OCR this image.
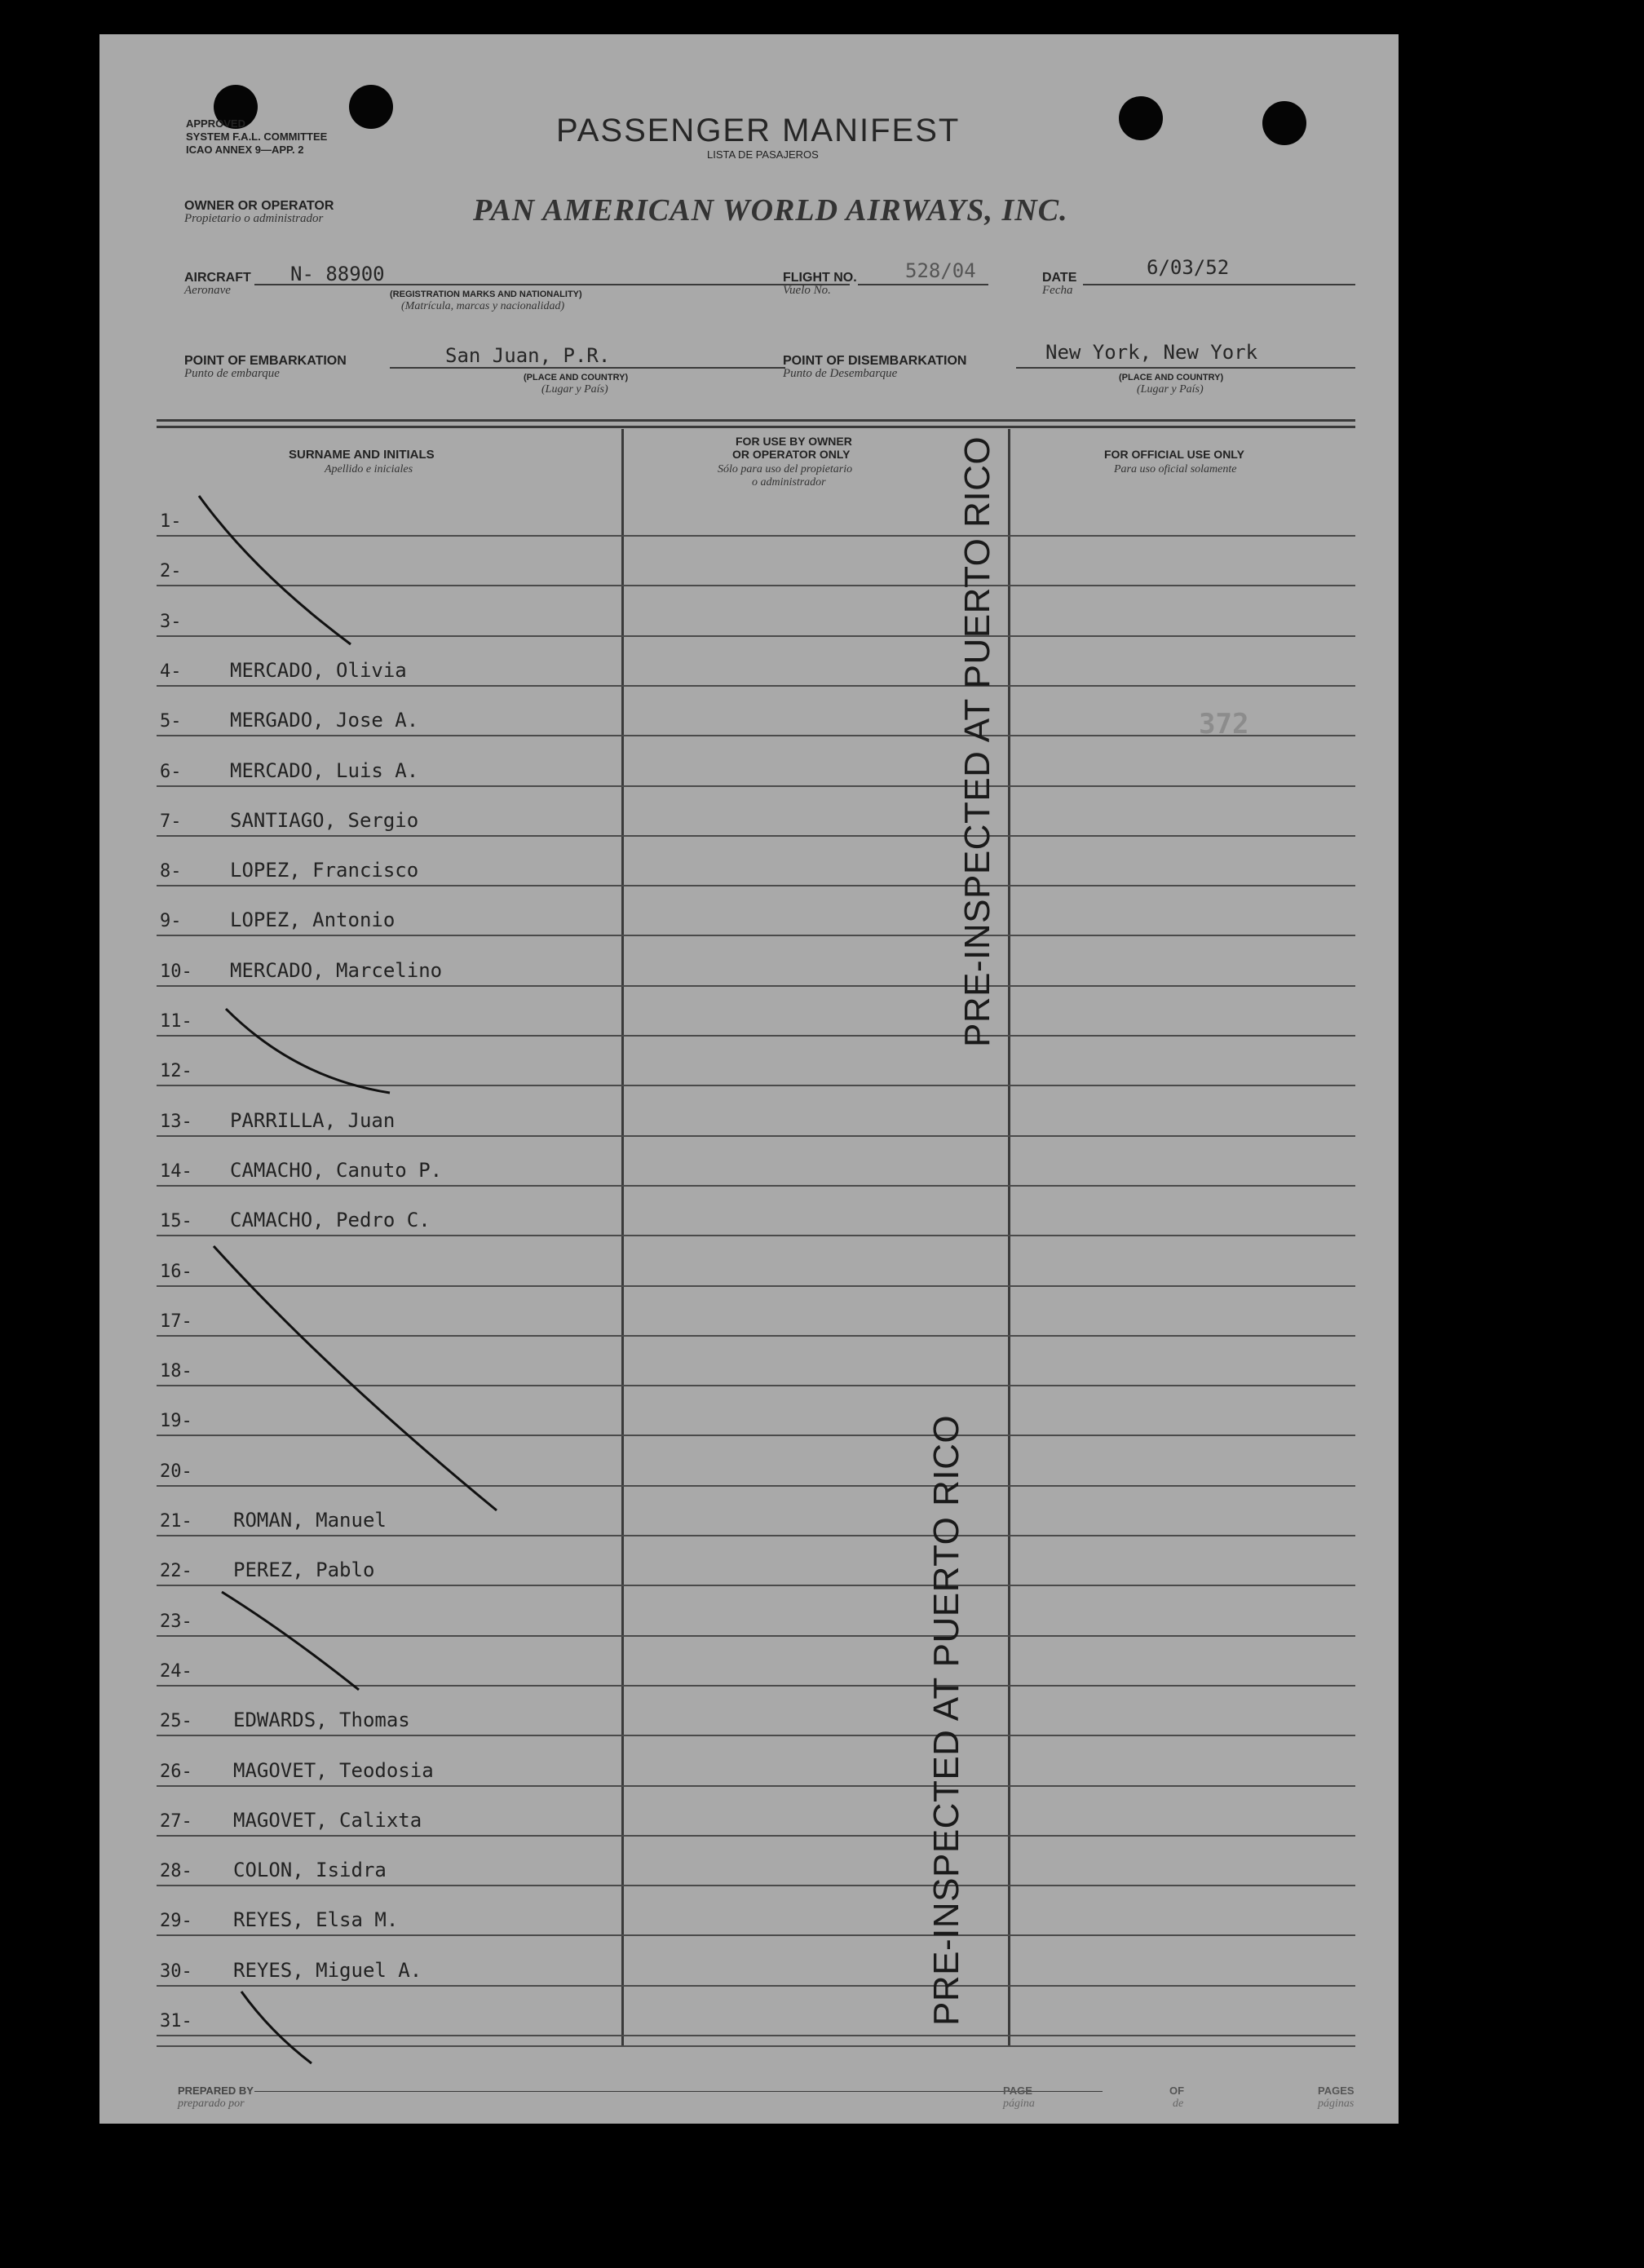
APPROVED
SYSTEM F.A.L. COMMITTEE
ICAO ANNEX 9—APP. 2
PASSENGER MANIFEST
LISTA DE PASAJEROS
OWNER OR OPERATOR
Propietario o administrador	PAN AMERICAN WORLD AIRWAYS, INC.
AIRCRAFT
Aeronave
N- 88900
(REGISTRATION MARKS AND NATIONALITY)
(Matrícula, marcas y nacionalidad)
FLIGHT NO.
Vuelo No.
528/04	DATE
Fecha
6/03/52
POINT OF EMBARKATION
Punto de embarque
San Juan, P.R.
(PLACE AND COUNTRY)
(Lugar y País)
POINT OF DISEMBARKATION
Punto de Desembarque
New York, New York
(PLACE AND COUNTRY)
(Lugar y País)
SURNAME AND INITIALS
Apellido e iniciales
FOR USE BY OWNER
OR OPERATOR ONLY
Sólo para uso del propietario
o administrador
FOR OFFICIAL USE ONLY
Para uso oficial solamente
1-
2-
3-
4- MERCADO, Olivia
5- MERGADO, Jose A.
6- MERCADO, Luis A.
7- SANTIAGO, Sergio
8- LOPEZ, Francisco
9- LOPEZ, Antonio
10- MERCADO, Marcelino
11-
12-
13- PARRILLA, Juan
14- CAMACHO, Canuto P.
15- CAMACHO, Pedro C.
16-
17-
18-
19-
20-
21- ROMAN, Manuel
22- PEREZ, Pablo
23-
24-
25- EDWARDS, Thomas
26- MAGOVET, Teodosia
27- MAGOVET, Calixta
28- COLON, Isidra
29- REYES, Elsa M.
30- REYES, Miguel A.
31-
PRE-INSPECTED AT PUERTO RICO
PRE-INSPECTED AT PUERTO RICO
372
PREPARED BY
preparado por
PAGE
página
OF
de
PAGES
páginas
